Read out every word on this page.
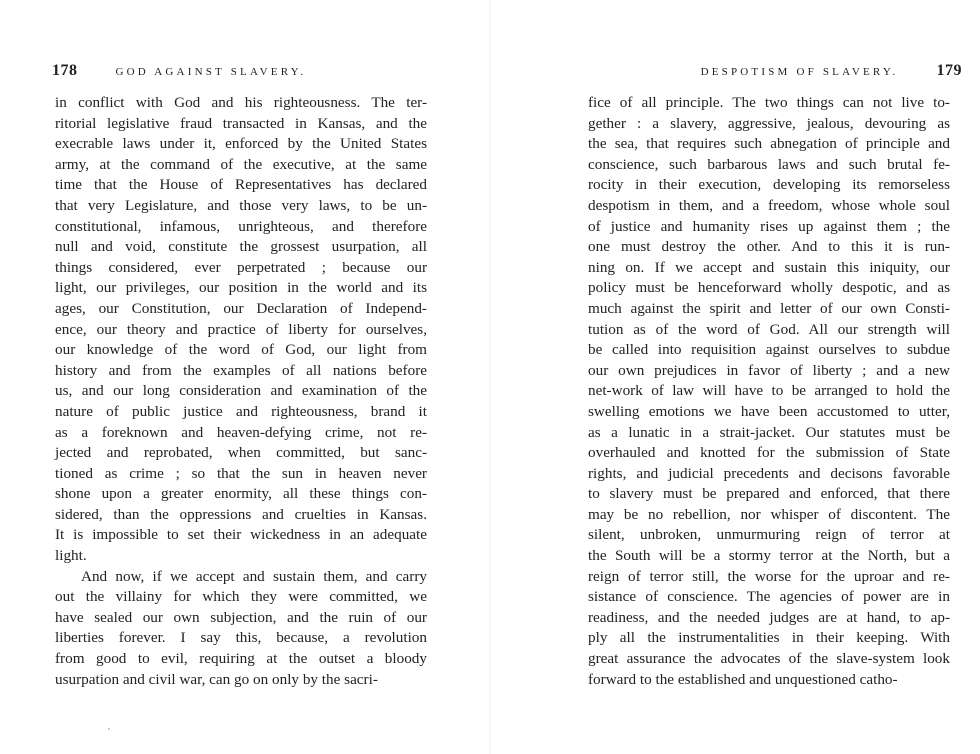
178	GOD AGAINST SLAVERY.
in conflict with God and his righteousness. The ter-
ritorial legislative fraud transacted in Kansas, and the
execrable laws under it, enforced by the United States
army, at the command of the executive, at the same
time that the House of Representatives has declared
that very Legislature, and those very laws, to be un-
constitutional, infamous, unrighteous, and therefore
null and void, constitute the grossest usurpation, all
things considered, ever perpetrated ; because our
light, our privileges, our position in the world and its
ages, our Constitution, our Declaration of Independ-
ence, our theory and practice of liberty for ourselves,
our knowledge of the word of God, our light from
history and from the examples of all nations before
us, and our long consideration and examination of the
nature of public justice and righteousness, brand it
as a foreknown and heaven-defying crime, not re-
jected and reprobated, when committed, but sanc-
tioned as crime ; so that the sun in heaven never
shone upon a greater enormity, all these things con-
sidered, than the oppressions and cruelties in Kansas.
It is impossible to set their wickedness in an adequate
light.
And now, if we accept and sustain them, and carry
out the villainy for which they were committed, we
have sealed our own subjection, and the ruin of our
liberties forever. I say this, because, a revolution
from good to evil, requiring at the outset a bloody
usurpation and civil war, can go on only by the sacri-
DESPOTISM OF SLAVERY. 179
fice of all principle. The two things can not live to-
gether : a slavery, aggressive, jealous, devouring as
the sea, that requires such abnegation of principle and
conscience, such barbarous laws and such brutal fe-
rocity in their execution, developing its remorseless
despotism in them, and a freedom, whose whole soul
of justice and humanity rises up against them ; the
one must destroy the other. And to this it is run-
ning on. If we accept and sustain this iniquity, our
policy must be henceforward wholly despotic, and as
much against the spirit and letter of our own Consti-
tution as of the word of God. All our strength will
be called into requisition against ourselves to subdue
our own prejudices in favor of liberty ; and a new
net-work of law will have to be arranged to hold the
swelling emotions we have been accustomed to utter,
as a lunatic in a strait-jacket. Our statutes must be
overhauled and knotted for the submission of State
rights, and judicial precedents and decisons favorable
to slavery must be prepared and enforced, that there
may be no rebellion, nor whisper of discontent. The
silent, unbroken, unmurmuring reign of terror at
the South will be a stormy terror at the North, but a
reign of terror still, the worse for the uproar and re-
sistance of conscience. The agencies of power are in
readiness, and the needed judges are at hand, to ap-
ply all the instrumentalities in their keeping. With
great assurance the advocates of the slave-system look
forward to the established and unquestioned catho-
